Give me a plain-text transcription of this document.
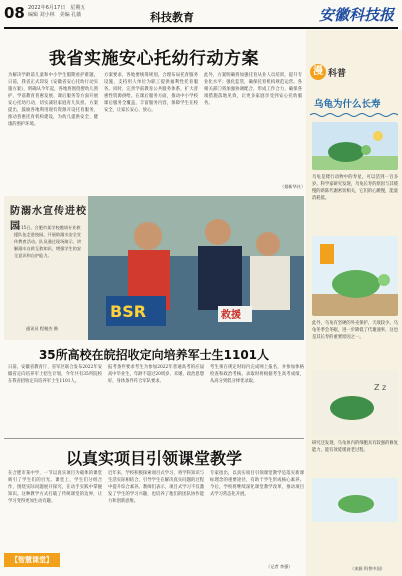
08 2022年6月17日　星期五
编辑 刘小林　美编 孔薇	科技教育	安徽科技报
我省实施安心托幼行动方案
为解决学龄前儿童和中小学生假期看护难题，日前，我省正式印发《安徽省安心托幼行动实施方案》，明确从今年起，各地将围绕婴幼儿照护、学前教育普惠发展、课后服务等方面开展安心托幼行动，切实减轻家庭育儿负担。方案提出，鼓励各地利用现有资源开设托育服务，推动普惠托育机构建设，为幼儿提供安全、健康的照护环境。
方案要求，各地要统筹规划，合理布局托育服务设施，支持用人单位为职工提供福利性托育服务。同时，完善学前教育公共服务体系，扩大普惠性资源供给。在课后服务方面，推动中小学校课后服务全覆盖，丰富服务内容，保障学生在校安全，让家长安心、放心。
此外，方案明确将加强托育从业人员培训，提升专业化水平；强化监管，确保托育机构规范运营。各相关部门将加强协调配合，形成工作合力，确保各项措施落地见效，让更多家庭享受到安心托幼服务。
（据新华社）
漫 科普
乌龟为什么长寿
乌龟是爬行动物中的寿星，可以活到一百多岁。科学家研究发现，乌龟长寿的原因与其缓慢的新陈代谢密切相关，它们的心跳慢，能量消耗低。
此外，乌龟有坚硬的外壳保护，天敌较少。乌龟冬季会冬眠，进一步降低了代谢速率，这也是其长寿的重要原因之一。
Z z
研究还发现，乌龟体内的细胞具有较强的修复能力，能有效延缓衰老过程。
（来源 科普中国）
防溺水宣传进校园
6月15日，合肥市某学校邀请专业救援队伍走进校园，开展防溺水安全宣传教育活动。队员通过现场演示、讲解溺水自救互救知识，增强学生的安全意识和自护能力。
通讯员 程楷杰 摄
BSR	救援
35所高校在皖招收定向培养军士生1101人
日前，安徽省教育厅、省军区联合发布2022年安徽省定向培养军士招生计划，今年共有35所院校在我省招收定向培养军士生1101人。
报考条件要求考生为参加2022年普通高考的应届高中毕业生，年龄不超过20周岁，未婚，政治思想好，身体条件符合军队要求。
考生须在规定时间内完成网上报名，并参加体格检查和政治考核。录取时将根据考生高考成绩，从高分到低分择优录取。
以真实项目引领课堂教学
在合肥市某中学，一节以真实项目为载体的课堂吸引了学生们的目光。课堂上，学生们分组合作，围绕实际问题展开探究，在动手实践中掌握知识。这种教学方式打破了传统课堂的边界，让学习变得更加生动有趣。
近年来，学校积极探索项目式学习，将学科知识与生活实际相结合，引导学生在解决真实问题的过程中提升综合素养。教师们表示，项目式学习不仅激发了学生的学习兴趣，也培养了他们的团队协作能力和创新思维。
专家指出，以真实项目引领课堂教学是落实新课标理念的重要途径，有助于学生形成核心素养。今后，学校将继续深化课堂教学改革，推动项目式学习常态化开展。
（记者 李强）
【智慧课堂】
